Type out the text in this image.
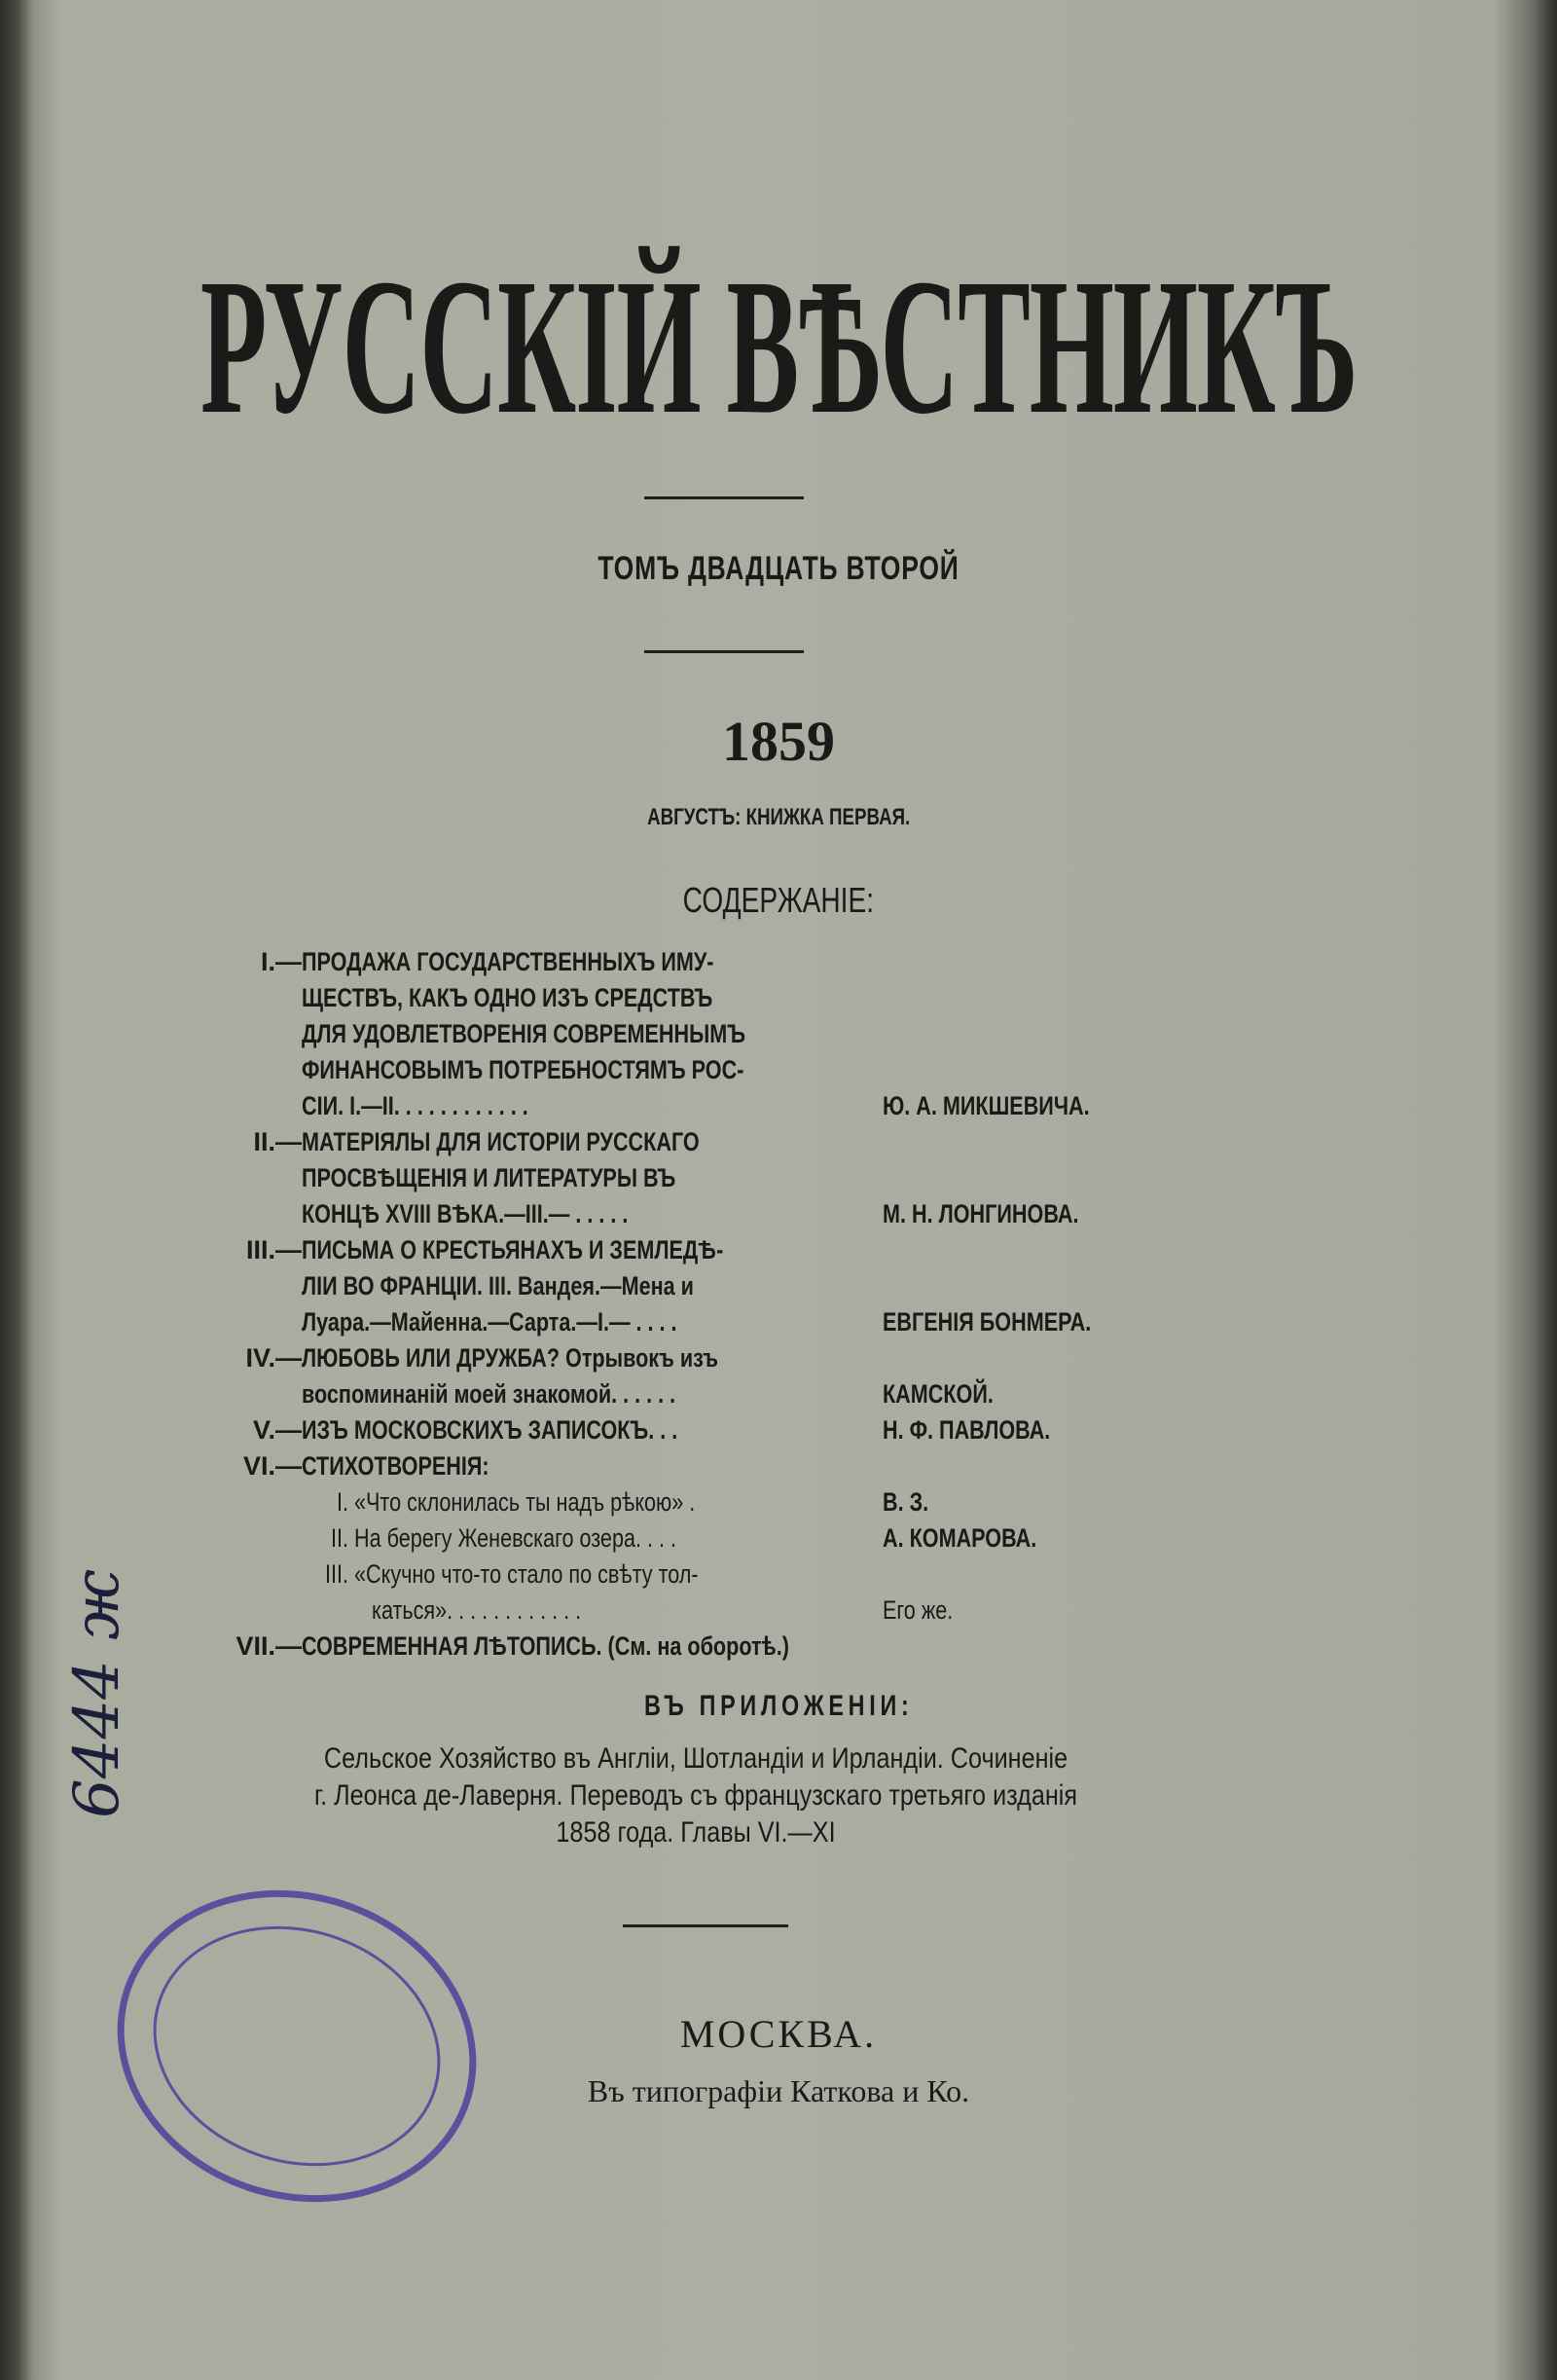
РУССКІЙ ВѢСТНИКЪ
ТОМЪ ДВАДЦАТЬ ВТОРОЙ
1859
АВГУСТЪ: КНИЖКА ПЕРВАЯ.
СОДЕРЖАНІЕ:
I.— ПРОДАЖА ГОСУДАРСТВЕННЫХЪ ИМУ-
ЩЕСТВЪ, КАКЪ ОДНО ИЗЪ СРЕДСТВЪ
ДЛЯ УДОВЛЕТВОРЕНІЯ СОВРЕМЕННЫМЪ
ФИНАНСОВЫМЪ ПОТРЕБНОСТЯМЪ РОС-
СІИ. I.—II. . . . . . . . . . . .	Ю. А. МИКШЕВИЧА.
II.— МАТЕРІЯЛЫ ДЛЯ ИСТОРІИ РУССКАГО
ПРОСВѢЩЕНІЯ И ЛИТЕРАТУРЫ ВЪ
КОНЦѢ XVIII ВѢКА.—III.— . . . . .	М. Н. ЛОНГИНОВА.
III.— ПИСЬМА О КРЕСТЬЯНАХЪ И ЗЕМЛЕДѢ-
ЛІИ ВО ФРАНЦІИ. III. Вандея.—Мена и
Луара.—Майенна.—Сарта.—I.— . . . .	ЕВГЕНІЯ БОНМЕРА.
IV.— ЛЮБОВЬ ИЛИ ДРУЖБА? Отрывокъ изъ
воспоминаній моей знакомой. . . . . .	КАМСКОЙ.
V.— ИЗЪ МОСКОВСКИХЪ ЗАПИСОКЪ. . .	Н. Ф. ПАВЛОВА.
VI.— СТИХОТВОРЕНІЯ:
I. «Что склонилась ты надъ рѣкою» .	В. З.
II. На берегу Женевскаго озера. . . .	А. КОМАРОВА.
III. «Скучно что-то стало по свѣту тол-
каться». . . . . . . . . . . .	Его же.
VII.— СОВРЕМЕННАЯ ЛѢТОПИСЬ. (См. на оборотѣ.)
ВЪ ПРИЛОЖЕНІИ:
Сельское Хозяйство въ Англіи, Шотландіи и Ирландіи. Сочиненіе
г. Леонса де-Лаверня. Переводъ съ французскаго третьяго изданія
1858 года. Главы VI.—XI
МОСКВА.
Въ типографіи Каткова и Ко.
6444 ж
